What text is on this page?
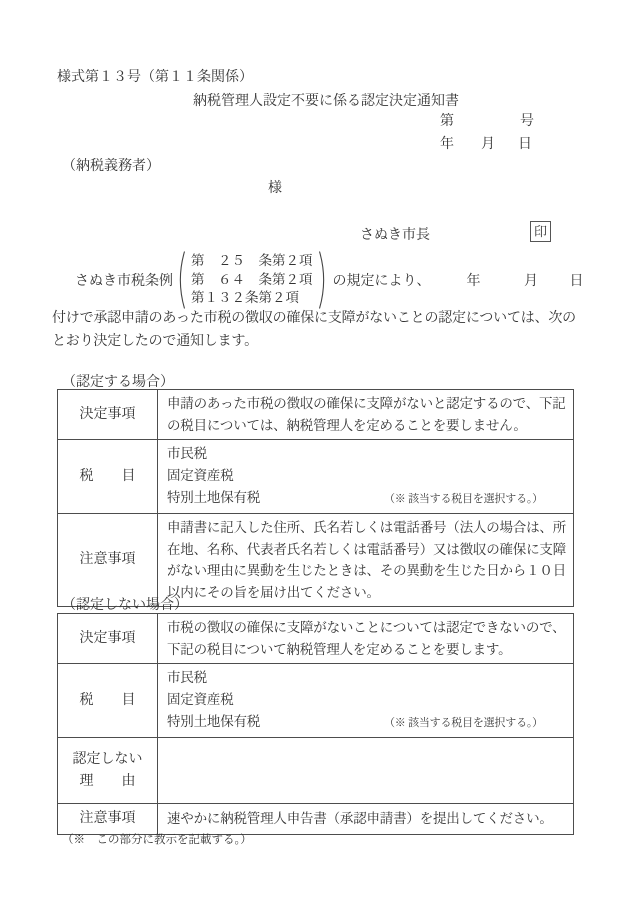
様式第１３号（第１１条関係）
納税管理人設定不要に係る認定決定通知書
第	号
年 月 日
（納税義務者）
様
さぬき市長	印
さぬき市税条例
第　２５　条第２項
第　６４　条第２項
第１３２条第２項
の規定により、	年	月 日
付けで承認申請のあった市税の徴収の確保に支障がないことの認定については、次のとおり決定したので通知します。
（認定する場合）
決定事項	申請のあった市税の徴収の確保に支障がないと認定するので、下記の税目については、納税管理人を定めることを要しません。
税　　目	市民税
固定資産税
特別土地保有税 （※ 該当する税目を選択する。）

注意事項	申請書に記入した住所、氏名若しくは電話番号（法人の場合は、所在地、名称、代表者氏名若しくは電話番号）又は徴収の確保に支障がない理由に異動を生じたときは、その異動を生じた日から１０日以内にその旨を届け出てください。
（認定しない場合）
決定事項	市税の徴収の確保に支障がないことについては認定できないので、下記の税目について納税管理人を定めることを要します。
税　　目	市民税
固定資産税
特別土地保有税 （※ 該当する税目を選択する。）

認定しない
理　　由	

注意事項	速やかに納税管理人申告書（承認申請書）を提出してください。
（※　この部分に教示を記載する。）
